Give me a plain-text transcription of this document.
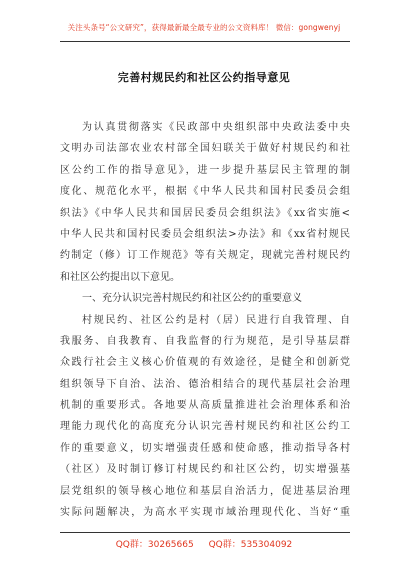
关注头条号“公文研究”，获得最新最全最专业的公文资料库！ 微信：gongwenyj
完善村规民约和社区公约指导意见
为认真贯彻落实《民政部中央组织部中央政法委中央
文明办司法部农业农村部全国妇联关于做好村规民约和社
区公约工作的指导意见》，进一步提升基层民主管理的制
度化、规范化水平，根据《中华人民共和国村民委员会组
织法》《中华人民共和国居民委员会组织法》《xx省实施<
中华人民共和国村民委员会组织法>办法》和《xx省村规民
约制定（修）订工作规范》等有关规定，现就完善村规民约
和社区公约提出以下意见。
一、充分认识完善村规民约和社区公约的重要意义
村规民约、社区公约是村（居）民进行自我管理、自
我服务、自我教育、自我监督的行为规范，是引导基层群
众践行社会主义核心价值观的有效途径，是健全和创新党
组织领导下自治、法治、德治相结合的现代基层社会治理
机制的重要形式。各地要从高质量推进社会治理体系和治
理能力现代化的高度充分认识完善村规民约和社区公约工
作的重要意义，切实增强责任感和使命感，推动指导各村
（社区）及时制订修订村规民约和社区公约，切实增强基
层党组织的领导核心地位和基层自治活力，促进基层治理
实际问题解决，为高水平实现市域治理现代化、当好“重
QQ群：30265665 QQ群：535304092
